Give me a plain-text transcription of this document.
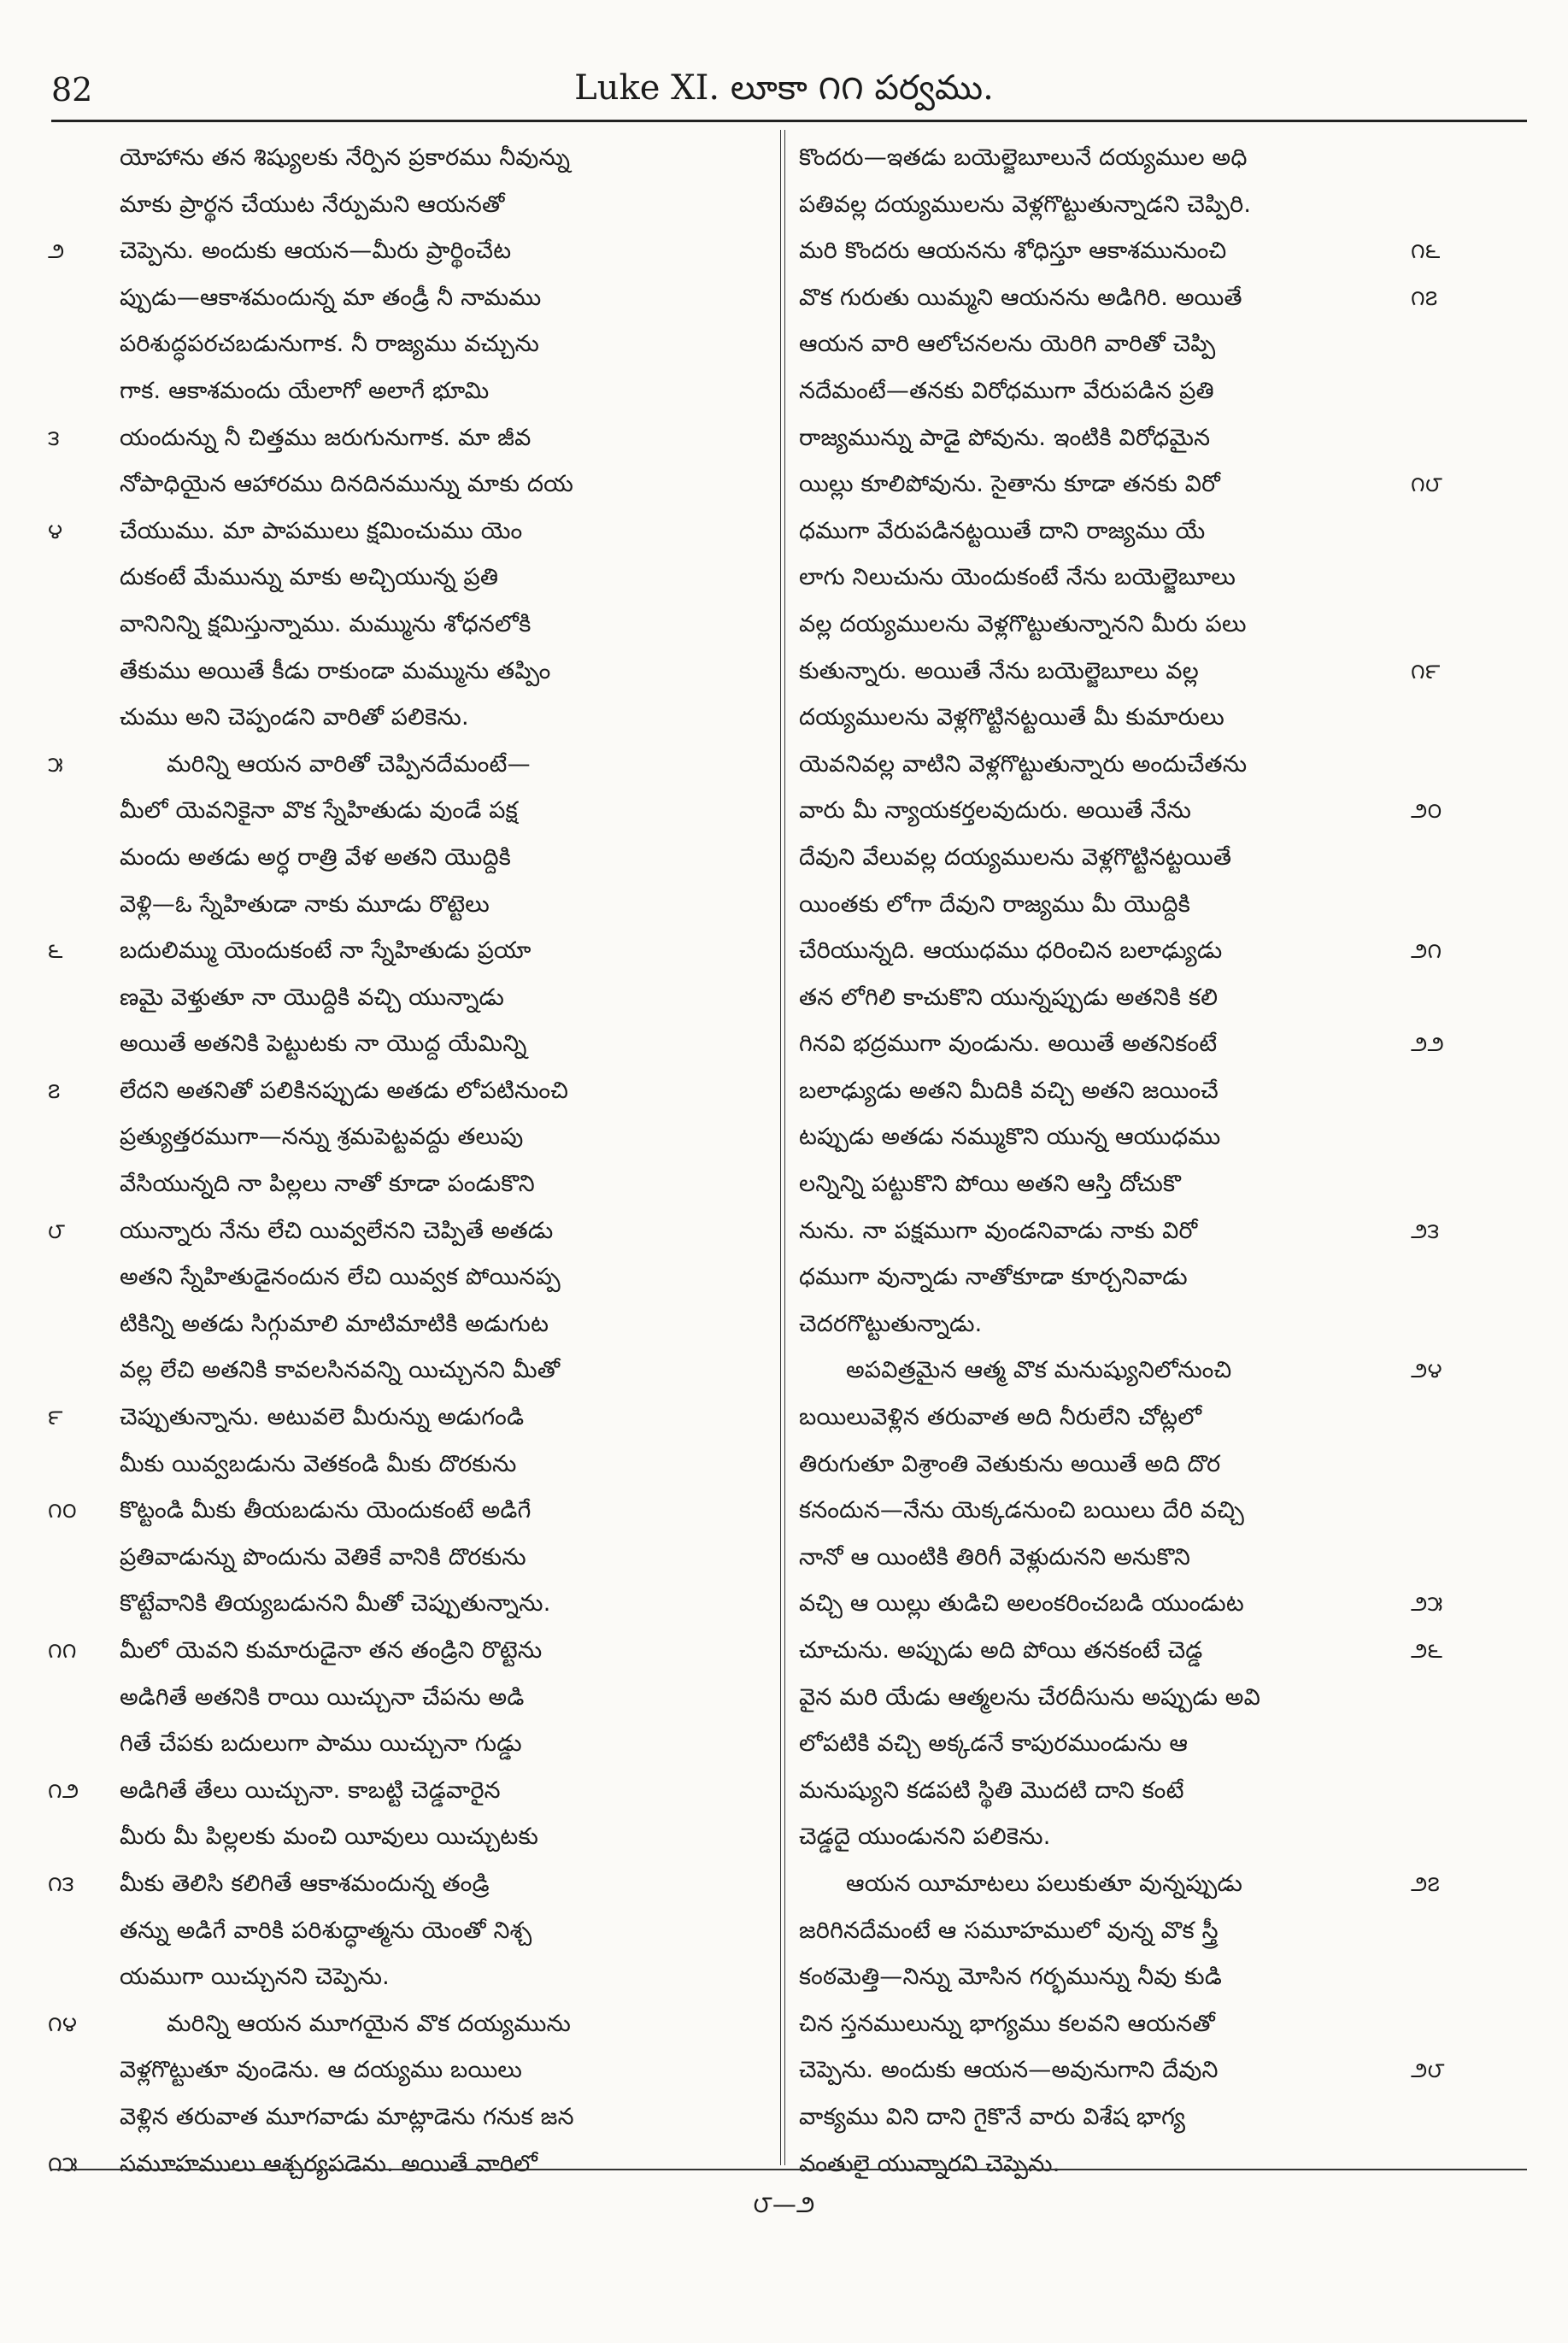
82	Luke XI. లూకా ౧౧ పర్వము.
యోహాను తన శిష్యులకు నేర్పిన ప్రకారము నీవున్ను
మాకు ప్రార్థన చేయుట నేర్పుమని ఆయనతో
౨	చెప్పెను. అందుకు ఆయన—మీరు ప్రార్థించేట
ప్పుడు—ఆకాశమందున్న మా తండ్రీ నీ నామము
పరిశుద్ధపరచబడునుగాక. నీ రాజ్యము వచ్చును
గాక. ఆకాశమందు యేలాగో అలాగే భూమి
౩	యందున్ను నీ చిత్తము జరుగునుగాక. మా జీవ
నోపాధియైన ఆహారము దినదినమున్ను మాకు దయ
౪	చేయుము. మా పాపములు క్షమించుము యెం
దుకంటే మేమున్ను మాకు అచ్చియున్న ప్రతి
వానినిన్ని క్షమిస్తున్నాము. మమ్మును శోధనలోకి
తేకుము అయితే కీడు రాకుండా మమ్మును తప్పిం
చుము అని చెప్పండని వారితో పలికెను.
౫	మరిన్ని ఆయన వారితో చెప్పినదేమంటే—
మీలో యెవనికైనా వొక స్నేహితుడు వుండే పక్ష
మందు అతడు అర్ధ రాత్రి వేళ అతని యొద్దికి
వెళ్లి—ఓ స్నేహితుడా నాకు మూడు రొట్టెలు
౬	బదులిమ్ము యెందుకంటే నా స్నేహితుడు ప్రయా
ణమై వెళ్తుతూ నా యొద్దికి వచ్చి యున్నాడు
అయితే అతనికి పెట్టుటకు నా యొద్ద యేమిన్ని
౭	లేదని అతనితో పలికినప్పుడు అతడు లోపటినుంచి
ప్రత్యుత్తరముగా—నన్ను శ్రమపెట్టవద్దు తలుపు
వేసియున్నది నా పిల్లలు నాతో కూడా పండుకొని
౮	యున్నారు నేను లేచి యివ్వలేనని చెప్పితే అతడు
అతని స్నేహితుడైనందున లేచి యివ్వక పోయినప్ప
టికిన్ని అతడు సిగ్గుమాలి మాటిమాటికి అడుగుట
వల్ల లేచి అతనికి కావలసినవన్ని యిచ్చునని మీతో
౯	చెప్పుతున్నాను. అటువలె మీరున్ను అడుగండి
మీకు యివ్వబడును వెతకండి మీకు దొరకును
౧౦	కొట్టండి మీకు తీయబడును యెందుకంటే అడిగే
ప్రతివాడున్ను పొందును వెతికే వానికి దొరకును
కొట్టేవానికి తియ్యబడునని మీతో చెప్పుతున్నాను.
౧౧	మీలో యెవని కుమారుడైనా తన తండ్రిని రొట్టెను
అడిగితే అతనికి రాయి యిచ్చునా చేపను అడి
గితే చేపకు బదులుగా పాము యిచ్చునా గుడ్డు
౧౨	అడిగితే తేలు యిచ్చునా. కాబట్టి చెడ్డవారైన
మీరు మీ పిల్లలకు మంచి యీవులు యిచ్చుటకు
౧౩	మీకు తెలిసి కలిగితే ఆకాశమందున్న తండ్రి
తన్ను అడిగే వారికి పరిశుద్ధాత్మను యెంతో నిశ్చ
యముగా యిచ్చునని చెప్పెను.
౧౪	మరిన్ని ఆయన మూగయైన వొక దయ్యమును
వెళ్లగొట్టుతూ వుండెను. ఆ దయ్యము బయిలు
వెళ్లిన తరువాత మూగవాడు మాట్లాడెను గనుక జన
౧౫	సమూహములు ఆశ్చర్యపడెను. అయితే వారిలో
కొందరు—ఇతడు బయెల్జెబూలునే దయ్యముల అధి
పతివల్ల దయ్యములను వెళ్లగొట్టుతున్నాడని చెప్పిరి.
౧౬
మరి కొందరు ఆయనను శోధిస్తూ ఆకాశమునుంచి
౧౭
వొక గురుతు యిమ్మని ఆయనను అడిగిరి. అయితే
ఆయన వారి ఆలోచనలను యెరిగి వారితో చెప్పి
నదేమంటే—తనకు విరోధముగా వేరుపడిన ప్రతి
రాజ్యమున్ను పాడై పోవును. ఇంటికి విరోధమైన
౧౮
యిల్లు కూలిపోవును. సైతాను కూడా తనకు విరో
ధముగా వేరుపడినట్టయితే దాని రాజ్యము యే
లాగు నిలుచును యెందుకంటే నేను బయెల్జెబూలు
వల్ల దయ్యములను వెళ్లగొట్టుతున్నానని మీరు పలు
౧౯
కుతున్నారు. అయితే నేను బయెల్జెబూలు వల్ల
దయ్యములను వెళ్లగొట్టినట్టయితే మీ కుమారులు
యెవనివల్ల వాటిని వెళ్లగొట్టుతున్నారు అందుచేతను
౨౦
వారు మీ న్యాయకర్తలవుదురు. అయితే నేను
దేవుని వేలువల్ల దయ్యములను వెళ్లగొట్టినట్టయితే
యింతకు లోగా దేవుని రాజ్యము మీ యొద్దికి
౨౧
చేరియున్నది. ఆయుధము ధరించిన బలాఢ్యుడు
తన లోగిలి కాచుకొని యున్నప్పుడు అతనికి కలి
౨౨
గినవి భద్రముగా వుండును. అయితే అతనికంటే
బలాఢ్యుడు అతని మీదికి వచ్చి అతని జయించే
టప్పుడు అతడు నమ్ముకొని యున్న ఆయుధము
లన్నిన్ని పట్టుకొని పోయి అతని ఆస్తి దోచుకొ
౨౩
నును. నా పక్షముగా వుండనివాడు నాకు విరో
ధముగా వున్నాడు నాతోకూడా కూర్చనివాడు
చెదరగొట్టుతున్నాడు.
౨౪
అపవిత్రమైన ఆత్మ వొక మనుష్యునిలోనుంచి
బయిలువెళ్లిన తరువాత అది నీరులేని చోట్లలో
తిరుగుతూ విశ్రాంతి వెతుకును అయితే అది దొర
కనందున—నేను యెక్కడనుంచి బయిలు దేరి వచ్చి
నానో ఆ యింటికి తిరిగీ వెళ్లుదునని అనుకొని
౨౫
వచ్చి ఆ యిల్లు తుడిచి అలంకరించబడి యుండుట
౨౬
చూచును. అప్పుడు అది పోయి తనకంటే చెడ్డ
వైన మరి యేడు ఆత్మలను చేరదీసును అప్పుడు అవి
లోపటికి వచ్చి అక్కడనే కాపురముండును ఆ
మనుష్యుని కడపటి స్థితి మొదటి దాని కంటే
చెడ్డదై యుండునని పలికెను.
౨౭
ఆయన యీమాటలు పలుకుతూ వున్నప్పుడు
జరిగినదేమంటే ఆ సమూహములో వున్న వొక స్త్రీ
కంఠమెత్తి—నిన్ను మోసిన గర్భమున్ను నీవు కుడి
చిన స్తనములున్ను భాగ్యము కలవని ఆయనతో
౨౮
చెప్పెను. అందుకు ఆయన—అవునుగాని దేవుని
వాక్యము విని దాని గైకొనే వారు విశేష భాగ్య
వంతులై యున్నారని చెప్పెను.
౮—౨
